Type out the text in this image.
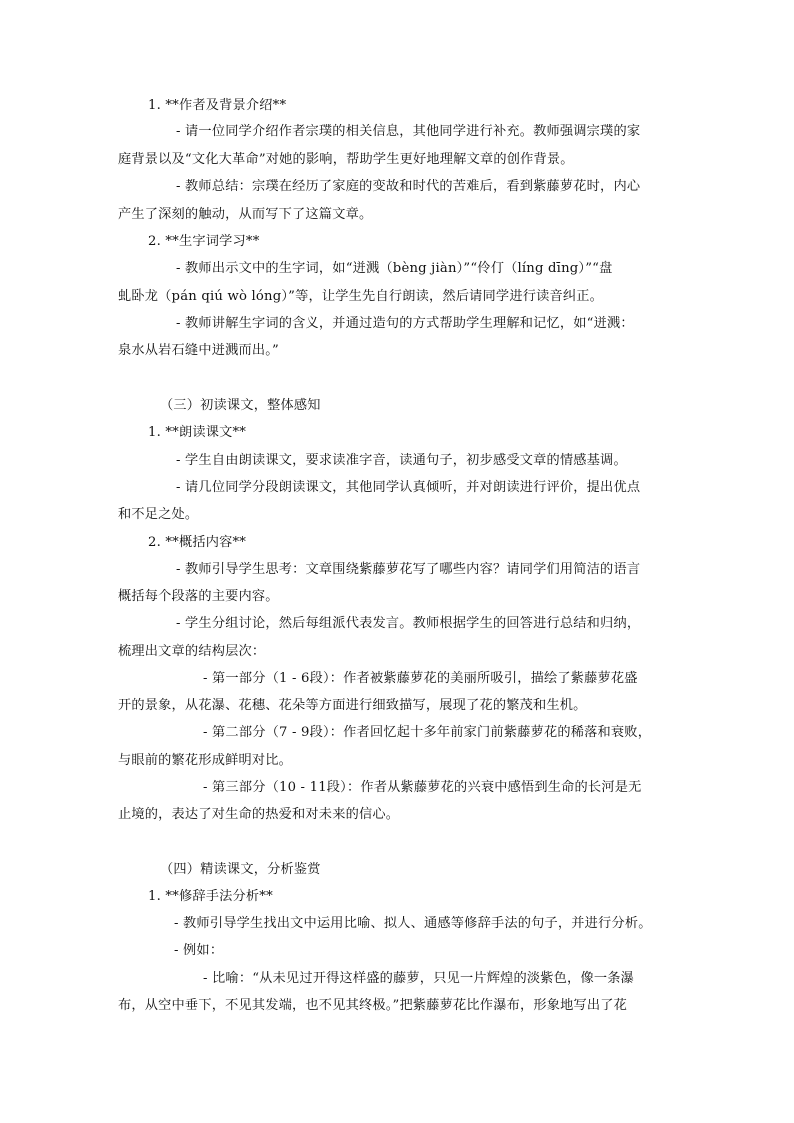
1. **作者及背景介绍**
- 请一位同学介绍作者宗璞的相关信息，其他同学进行补充。教师强调宗璞的家
庭背景以及“文化大革命”对她的影响，帮助学生更好地理解文章的创作背景。
- 教师总结：宗璞在经历了家庭的变故和时代的苦难后，看到紫藤萝花时，内心
产生了深刻的触动，从而写下了这篇文章。
2. **生字词学习**
- 教师出示文中的生字词，如“迸溅（bèng jiàn）”“伶仃（líng dīng）”“盘
虬卧龙（pán qiú wò lóng）”等，让学生先自行朗读，然后请同学进行读音纠正。
- 教师讲解生字词的含义，并通过造句的方式帮助学生理解和记忆，如“迸溅：
泉水从岩石缝中迸溅而出。”
（三）初读课文，整体感知
1. **朗读课文**
- 学生自由朗读课文，要求读准字音，读通句子，初步感受文章的情感基调。
- 请几位同学分段朗读课文，其他同学认真倾听，并对朗读进行评价，提出优点
和不足之处。
2. **概括内容**
- 教师引导学生思考：文章围绕紫藤萝花写了哪些内容？请同学们用简洁的语言
概括每个段落的主要内容。
- 学生分组讨论，然后每组派代表发言。教师根据学生的回答进行总结和归纳，
梳理出文章的结构层次：
- 第一部分（1 - 6段）：作者被紫藤萝花的美丽所吸引，描绘了紫藤萝花盛
开的景象，从花瀑、花穗、花朵等方面进行细致描写，展现了花的繁茂和生机。
- 第二部分（7 - 9段）：作者回忆起十多年前家门前紫藤萝花的稀落和衰败，
与眼前的繁花形成鲜明对比。
- 第三部分（10 - 11段）：作者从紫藤萝花的兴衰中感悟到生命的长河是无
止境的，表达了对生命的热爱和对未来的信心。
（四）精读课文，分析鉴赏
1. **修辞手法分析**
- 教师引导学生找出文中运用比喻、拟人、通感等修辞手法的句子，并进行分析。
- 例如：
- 比喻：“从未见过开得这样盛的藤萝，只见一片辉煌的淡紫色，像一条瀑
布，从空中垂下，不见其发端，也不见其终极。”把紫藤萝花比作瀑布，形象地写出了花
